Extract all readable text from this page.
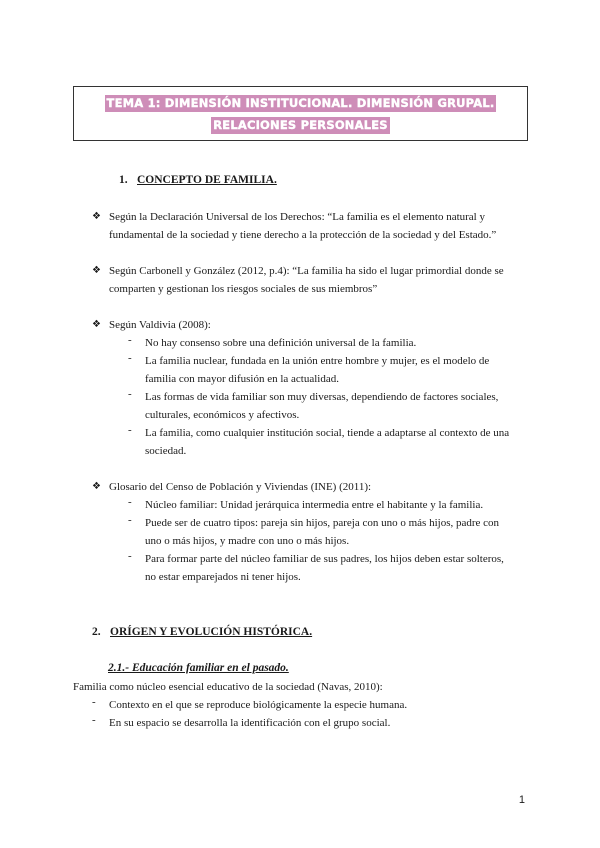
TEMA 1: DIMENSIÓN INSTITUCIONAL. DIMENSIÓN GRUPAL.
RELACIONES PERSONALES
1. CONCEPTO DE FAMILIA.
❖ Según la Declaración Universal de los Derechos: “La familia es el elemento natural y
fundamental de la sociedad y tiene derecho a la protección de la sociedad y del Estado.”
❖ Según Carbonell y González (2012, p.4): “La familia ha sido el lugar primordial donde se
comparten y gestionan los riesgos sociales de sus miembros”
❖ Según Valdivia (2008):
- No hay consenso sobre una definición universal de la familia.
- La familia nuclear, fundada en la unión entre hombre y mujer, es el modelo de
familia con mayor difusión en la actualidad.
- Las formas de vida familiar son muy diversas, dependiendo de factores sociales,
culturales, económicos y afectivos.
- La familia, como cualquier institución social, tiende a adaptarse al contexto de una
sociedad.
❖ Glosario del Censo de Población y Viviendas (INE) (2011):
- Núcleo familiar: Unidad jerárquica intermedia entre el habitante y la familia.
- Puede ser de cuatro tipos: pareja sin hijos, pareja con uno o más hijos, padre con
uno o más hijos, y madre con uno o más hijos.
- Para formar parte del núcleo familiar de sus padres, los hijos deben estar solteros,
no estar emparejados ni tener hijos.
2. ORÍGEN Y EVOLUCIÓN HISTÓRICA.
2.1.- Educación familiar en el pasado.
Familia como núcleo esencial educativo de la sociedad (Navas, 2010):
- Contexto en el que se reproduce biológicamente la especie humana.
- En su espacio se desarrolla la identificación con el grupo social.
1
